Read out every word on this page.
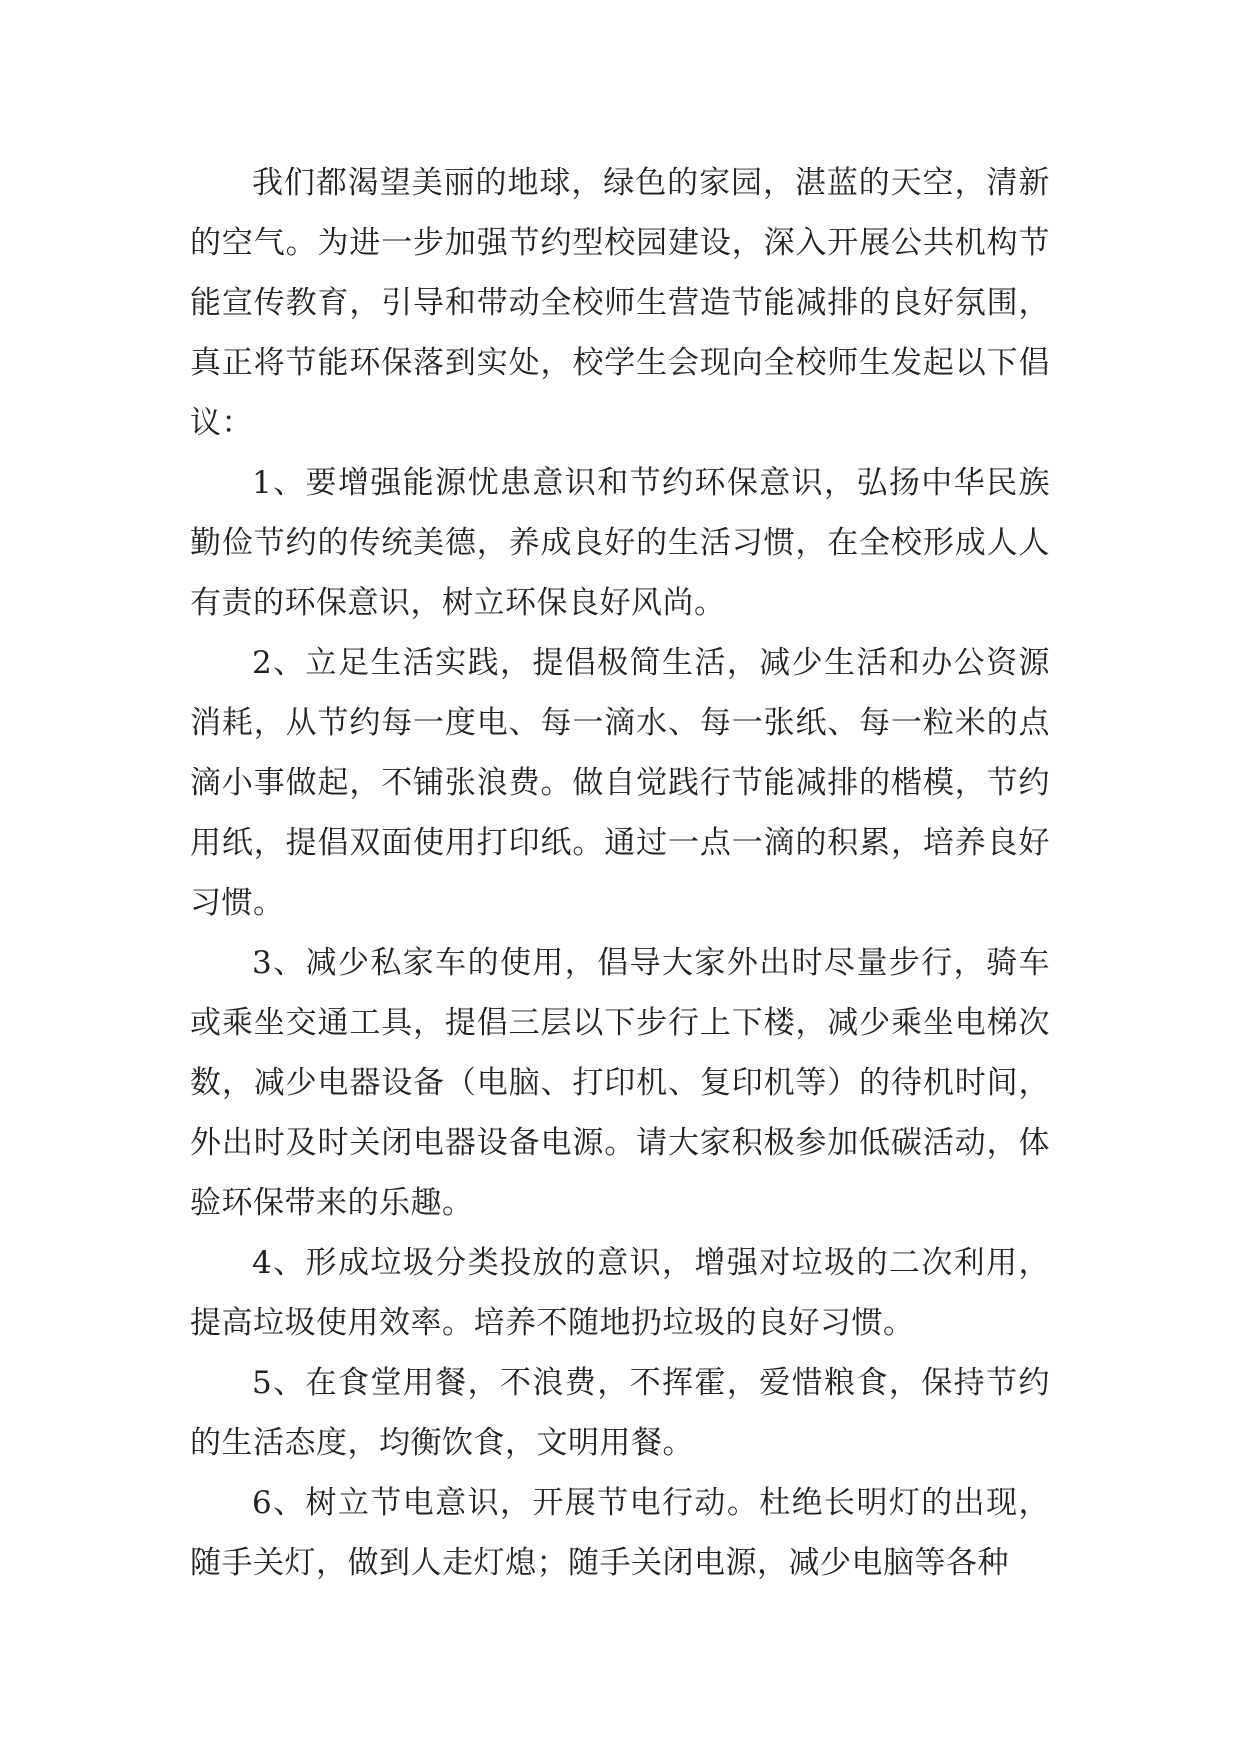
我们都渴望美丽的地球，绿色的家园，湛蓝的天空，清新的空气。为进一步加强节约型校园建设，深入开展公共机构节能宣传教育，引导和带动全校师生营造节能减排的良好氛围，真正将节能环保落到实处，校学生会现向全校师生发起以下倡议：

1、要增强能源忧患意识和节约环保意识，弘扬中华民族勤俭节约的传统美德，养成良好的生活习惯，在全校形成人人有责的环保意识，树立环保良好风尚。

2、立足生活实践，提倡极简生活，减少生活和办公资源消耗，从节约每一度电、每一滴水、每一张纸、每一粒米的点滴小事做起，不铺张浪费。做自觉践行节能减排的楷模，节约用纸，提倡双面使用打印纸。通过一点一滴的积累，培养良好习惯。

3、减少私家车的使用，倡导大家外出时尽量步行，骑车或乘坐交通工具，提倡三层以下步行上下楼，减少乘坐电梯次数，减少电器设备（电脑、打印机、复印机等）的待机时间，外出时及时关闭电器设备电源。请大家积极参加低碳活动，体验环保带来的乐趣。

4、形成垃圾分类投放的意识，增强对垃圾的二次利用，提高垃圾使用效率。培养不随地扔垃圾的良好习惯。

5、在食堂用餐，不浪费，不挥霍，爱惜粮食，保持节约的生活态度，均衡饮食，文明用餐。

6、树立节电意识，开展节电行动。杜绝长明灯的出现，随手关灯，做到人走灯熄；随手关闭电源，减少电脑等各种
